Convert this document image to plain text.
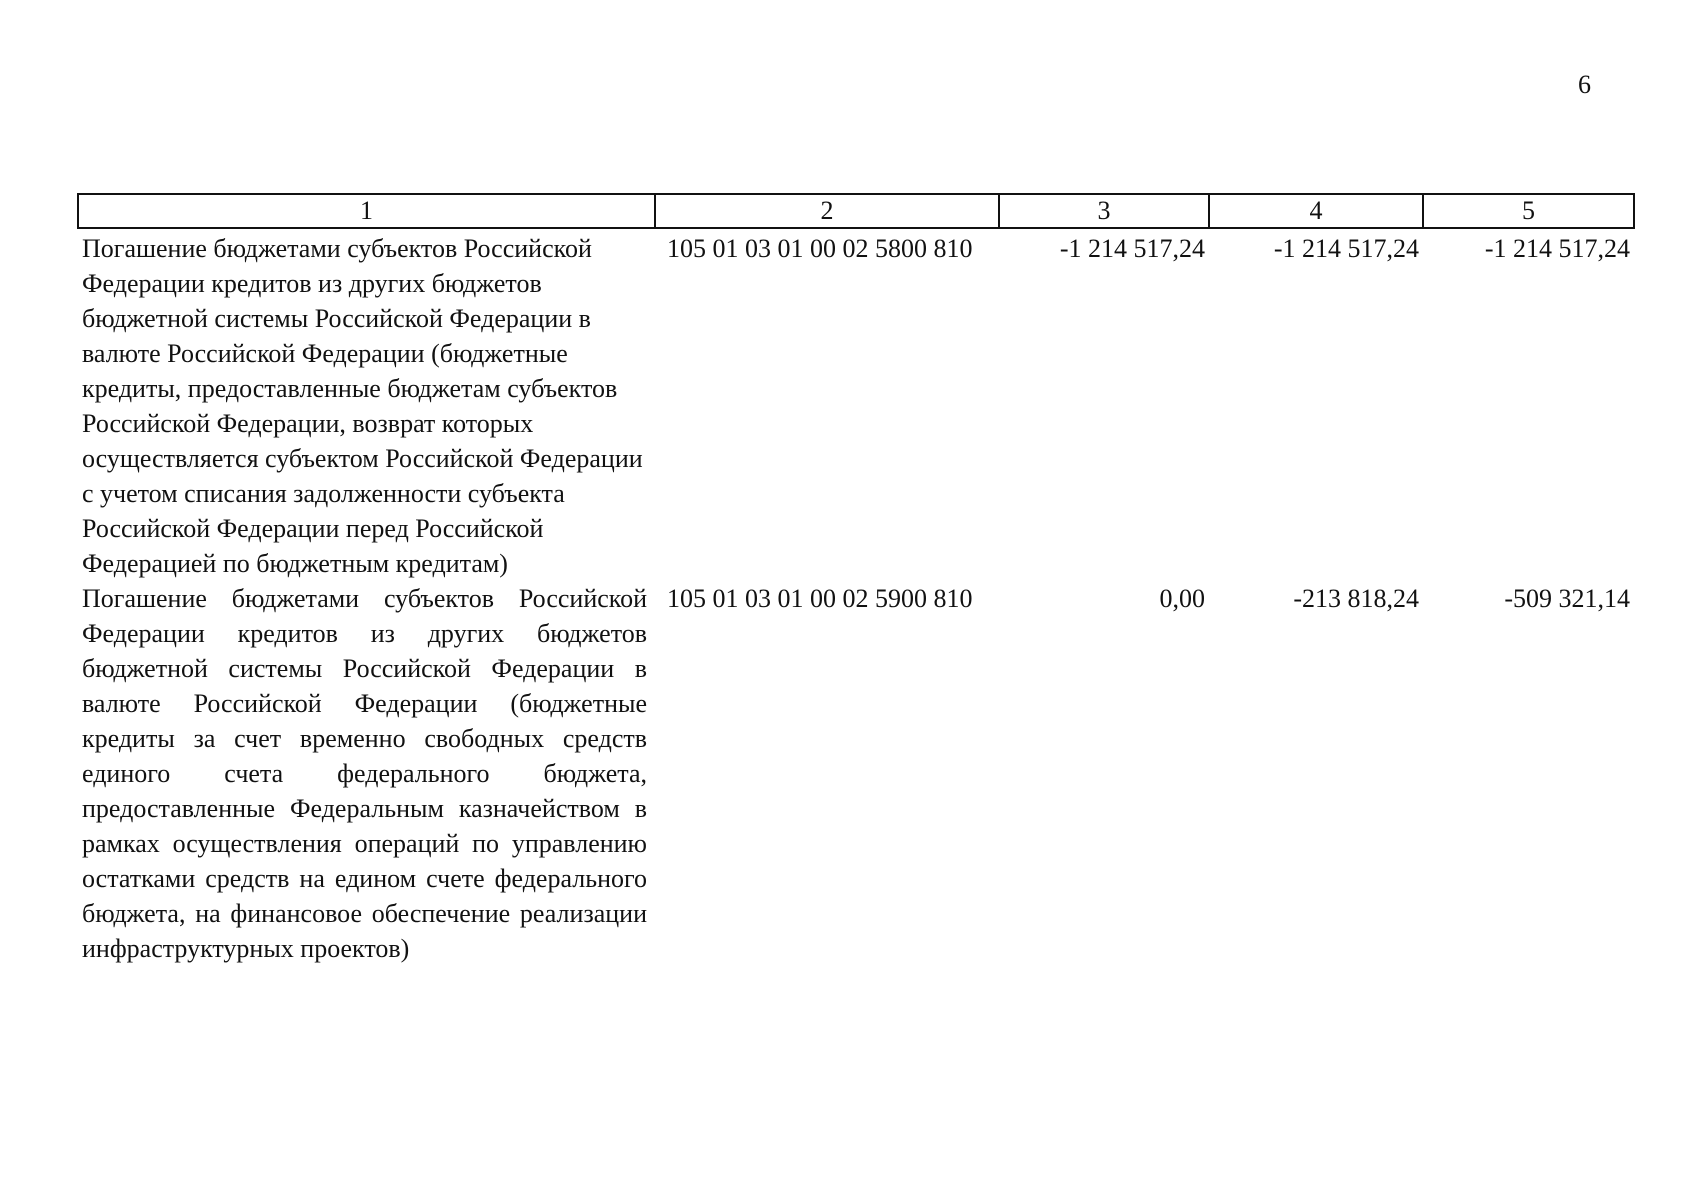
6
1	2	3	4	5
Погашение бюджетами субъектов Российской Федерации кредитов из других бюджетов бюджетной системы Российской Федерации в валюте Российской Федерации (бюджетные кредиты, предоставленные бюджетам субъектов Российской Федерации, возврат которых осуществляется субъектом Российской Федерации с учетом списания задолженности субъекта Российской Федерации перед Российской Федерацией по бюджетным кредитам)	105 01 03 01 00 02 5800 810	-1 214 517,24	-1 214 517,24	-1 214 517,24
Погашение бюджетами субъектов Российской Федерации кредитов из других бюджетов бюджетной системы Российской Федерации в валюте Российской Федерации (бюджетные кредиты за счет временно свободных средств единого счета федерального бюджета, предоставленные Федеральным казначейством в рамках осуществления операций по управлению остатками средств на едином счете федерального бюджета, на финансовое обеспечение реализации инфраструктурных проектов)	105 01 03 01 00 02 5900 810	0,00	-213 818,24	-509 321,14
